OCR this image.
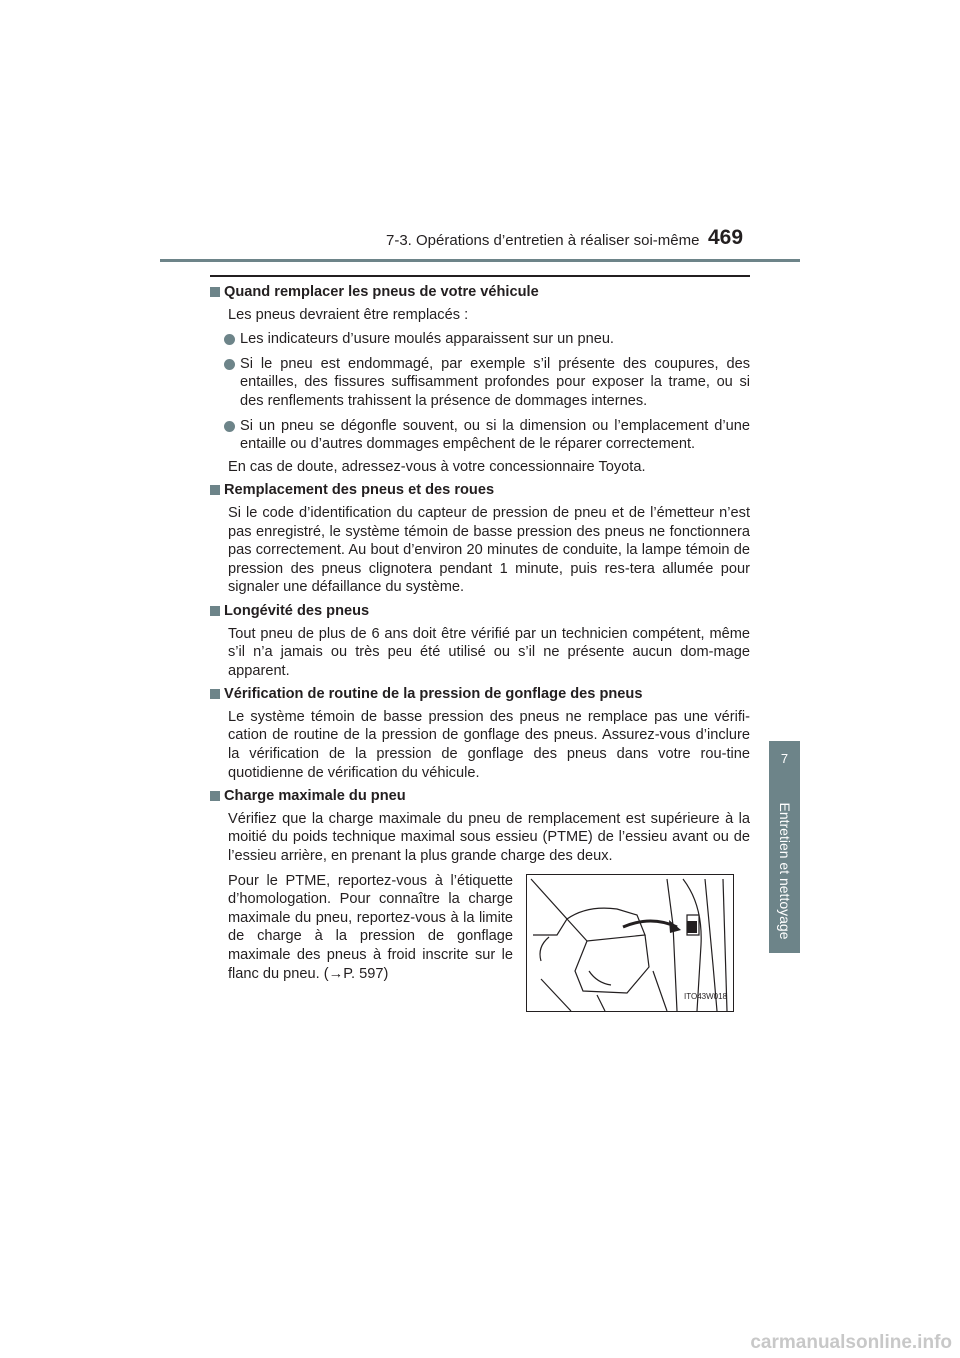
7-3. Opérations d’entretien à réaliser soi-même 469
7
Entretien et nettoyage
Quand remplacer les pneus de votre véhicule
Les pneus devraient être remplacés :
Les indicateurs d’usure moulés apparaissent sur un pneu.
Si le pneu est endommagé, par exemple s’il présente des coupures, des entailles, des fissures suffisamment profondes pour exposer la trame, ou si des renflements trahissent la présence de dommages internes.
Si un pneu se dégonfle souvent, ou si la dimension ou l’emplacement d’une entaille ou d’autres dommages empêchent de le réparer correctement.
En cas de doute, adressez-vous à votre concessionnaire Toyota.
Remplacement des pneus et des roues
Si le code d’identification du capteur de pression de pneu et de l’émetteur n’est pas enregistré, le système témoin de basse pression des pneus ne fonctionnera pas correctement. Au bout d’environ 20 minutes de conduite, la lampe témoin de pression des pneus clignotera pendant 1 minute, puis res-tera allumée pour signaler une défaillance du système.
Longévité des pneus
Tout pneu de plus de 6 ans doit être vérifié par un technicien compétent, même s’il n’a jamais ou très peu été utilisé ou s’il ne présente aucun dom-mage apparent.
Vérification de routine de la pression de gonflage des pneus
Le système témoin de basse pression des pneus ne remplace pas une vérifi-cation de routine de la pression de gonflage des pneus. Assurez-vous d’inclure la vérification de la pression de gonflage des pneus dans votre rou-tine quotidienne de vérification du véhicule.
Charge maximale du pneu
Vérifiez que la charge maximale du pneu de remplacement est supérieure à la moitié du poids technique maximal sous essieu (PTME) de l’essieu avant ou de l’essieu arrière, en prenant la plus grande charge des deux.
Pour le PTME, reportez-vous à l’étiquette d’homologation. Pour connaître la charge maximale du pneu, reportez-vous à la limite de charge à la pression de gonflage maximale des pneus à froid inscrite sur le flanc du pneu. (→P. 597)
ITO43W018
carmanualsonline.info
